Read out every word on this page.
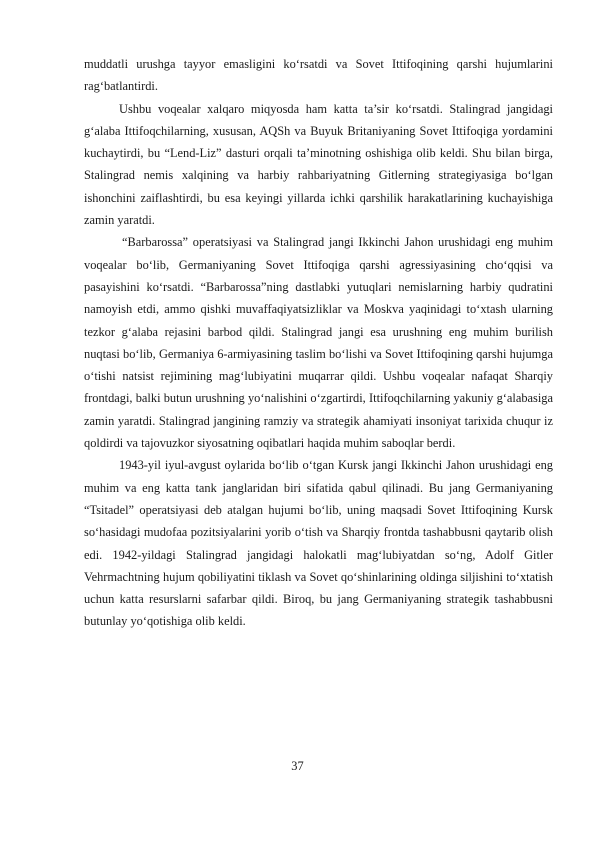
muddatli urushga tayyor emasligini koʻrsatdi va Sovet Ittifoqining qarshi hujumlarini ragʻbatlantirdi.

Ushbu voqealar xalqaro miqyosda ham katta ta’sir koʻrsatdi. Stalingrad jangidagi gʻalaba Ittifoqchilarning, xususan, AQSh va Buyuk Britaniyaning Sovet Ittifoqiga yordamini kuchaytirdi, bu “Lend-Liz” dasturi orqali ta’minotning oshishiga olib keldi. Shu bilan birga, Stalingrad nemis xalqining va harbiy rahbariyatning Gitlerning strategiyasiga boʻlgan ishonchini zaiflashtirdi, bu esa keyingi yillarda ichki qarshilik harakatlarining kuchayishiga zamin yaratdi.

“Barbarossa” operatsiyasi va Stalingrad jangi Ikkinchi Jahon urushidagi eng muhim voqealar boʻlib, Germaniyaning Sovet Ittifoqiga qarshi agressiyasining choʻqqisi va pasayishini koʻrsatdi. “Barbarossa”ning dastlabki yutuqlari nemislarning harbiy qudratini namoyish etdi, ammo qishki muvaffaqiyatsizliklar va Moskva yaqinidagi toʻxtash ularning tezkor gʻalaba rejasini barbod qildi. Stalingrad jangi esa urushning eng muhim burilish nuqtasi boʻlib, Germaniya 6-armiyasining taslim boʻlishi va Sovet Ittifoqining qarshi hujumga oʻtishi natsist rejimining magʻlubiyatini muqarrar qildi. Ushbu voqealar nafaqat Sharqiy frontdagi, balki butun urushning yoʻnalishini oʻzgartirdi, Ittifoqchilarning yakuniy gʻalabasiga zamin yaratdi. Stalingrad jangining ramziy va strategik ahamiyati insoniyat tarixida chuqur iz qoldirdi va tajovuzkor siyosatning oqibatlari haqida muhim saboqlar berdi.

1943-yil iyul-avgust oylarida boʻlib oʻtgan Kursk jangi Ikkinchi Jahon urushidagi eng muhim va eng katta tank janglaridan biri sifatida qabul qilinadi. Bu jang Germaniyaning “Tsitadel” operatsiyasi deb atalgan hujumi boʻlib, uning maqsadi Sovet Ittifoqining Kursk soʻhasidagi mudofaa pozitsiyalarini yorib oʻtish va Sharqiy frontda tashabbusni qaytarib olish edi. 1942-yildagi Stalingrad jangidagi halokatli magʻlubiyatdan soʻng, Adolf Gitler Vehrmachtning hujum qobiliyatini tiklash va Sovet qoʻshinlarining oldinga siljishini toʻxtatish uchun katta resurslarni safarbar qildi. Biroq, bu jang Germaniyaning strategik tashabbusni butunlay yoʻqotishiga olib keldi.

37
